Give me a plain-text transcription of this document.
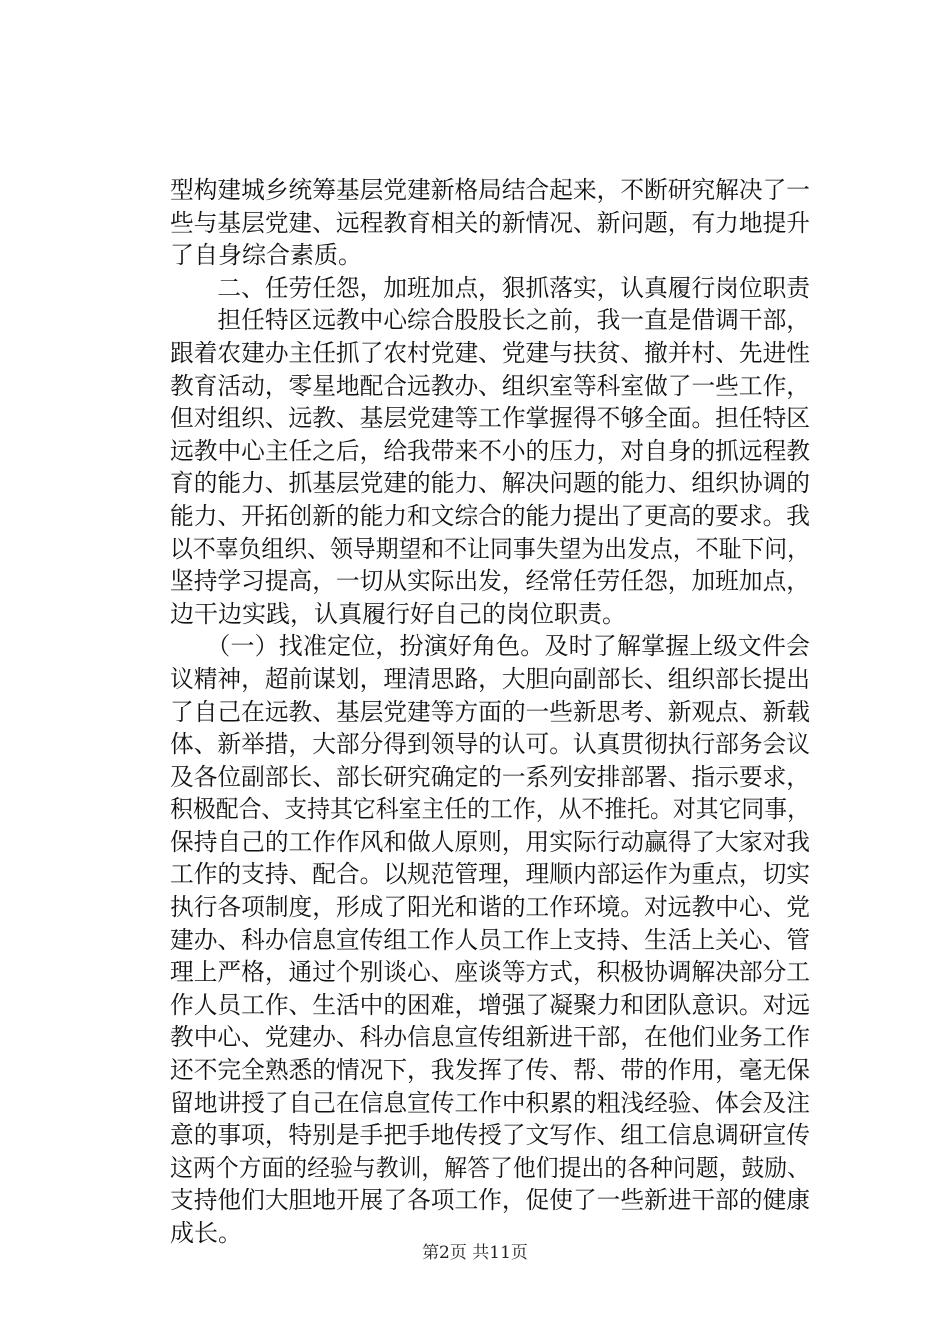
型构建城乡统筹基层党建新格局结合起来，不断研究解决了一
些与基层党建、远程教育相关的新情况、新问题，有力地提升
了自身综合素质。
　　二、任劳任怨，加班加点，狠抓落实，认真履行岗位职责
　　担任特区远教中心综合股股长之前，我一直是借调干部，
跟着农建办主任抓了农村党建、党建与扶贫、撤并村、先进性
教育活动，零星地配合远教办、组织室等科室做了一些工作，
但对组织、远教、基层党建等工作掌握得不够全面。担任特区
远教中心主任之后，给我带来不小的压力，对自身的抓远程教
育的能力、抓基层党建的能力、解决问题的能力、组织协调的
能力、开拓创新的能力和文综合的能力提出了更高的要求。我
以不辜负组织、领导期望和不让同事失望为出发点，不耻下问，
坚持学习提高，一切从实际出发，经常任劳任怨，加班加点，
边干边实践，认真履行好自己的岗位职责。
　　（一）找准定位，扮演好角色。及时了解掌握上级文件会
议精神，超前谋划，理清思路，大胆向副部长、组织部长提出
了自己在远教、基层党建等方面的一些新思考、新观点、新载
体、新举措，大部分得到领导的认可。认真贯彻执行部务会议
及各位副部长、部长研究确定的一系列安排部署、指示要求，
积极配合、支持其它科室主任的工作，从不推托。对其它同事，
保持自己的工作作风和做人原则，用实际行动赢得了大家对我
工作的支持、配合。以规范管理，理顺内部运作为重点，切实
执行各项制度，形成了阳光和谐的工作环境。对远教中心、党
建办、科办信息宣传组工作人员工作上支持、生活上关心、管
理上严格，通过个别谈心、座谈等方式，积极协调解决部分工
作人员工作、生活中的困难，增强了凝聚力和团队意识。对远
教中心、党建办、科办信息宣传组新进干部，在他们业务工作
还不完全熟悉的情况下，我发挥了传、帮、带的作用，毫无保
留地讲授了自己在信息宣传工作中积累的粗浅经验、体会及注
意的事项，特别是手把手地传授了文写作、组工信息调研宣传
这两个方面的经验与教训，解答了他们提出的各种问题，鼓励、
支持他们大胆地开展了各项工作，促使了一些新进干部的健康
成长。
第2页 共11页
